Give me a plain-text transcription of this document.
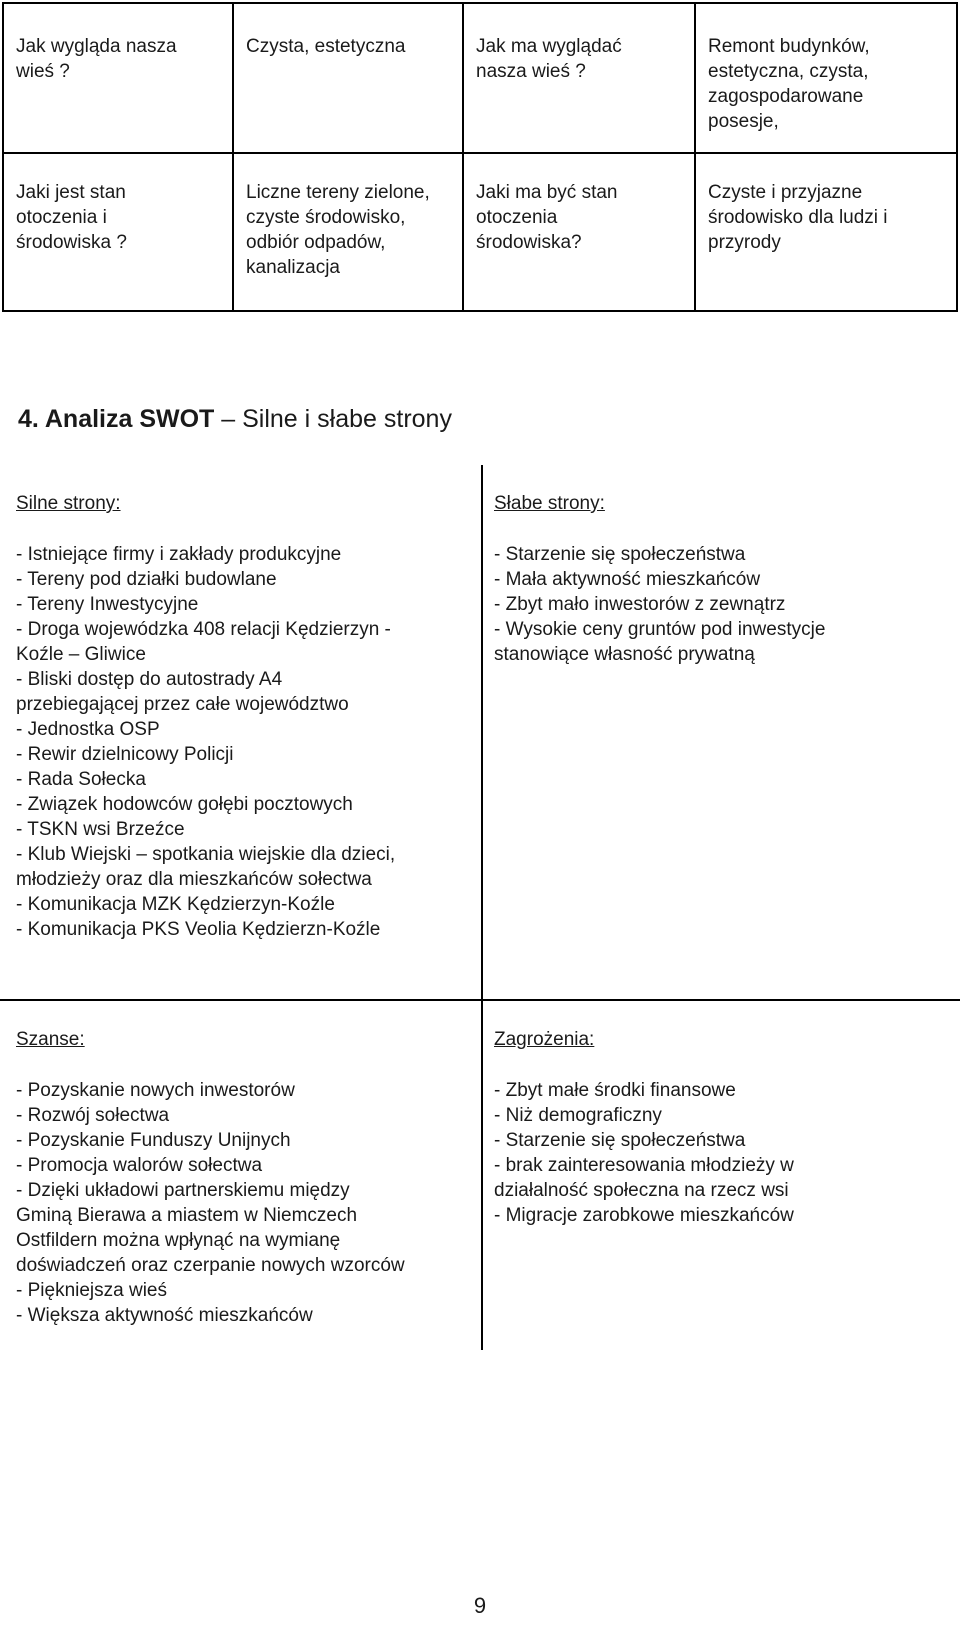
Jak wygląda nasza
wieś ?	Czysta, estetyczna	Jak ma wyglądać
nasza wieś ?	Remont budynków,
estetyczna, czysta,
zagospodarowane
posesje,
Jaki jest stan
otoczenia i
środowiska ?	Liczne tereny zielone,
czyste środowisko,
odbiór odpadów,
kanalizacja	Jaki ma być stan
otoczenia
środowiska?	Czyste i przyjazne
środowisko dla ludzi i
przyrody
4. Analiza SWOT – Silne i słabe strony
Silne strony:
- Istniejące firmy i zakłady produkcyjne
- Tereny pod działki budowlane
- Tereny Inwestycyjne
- Droga wojewódzka 408 relacji Kędzierzyn -
Koźle – Gliwice
- Bliski dostęp do autostrady A4
przebiegającej przez całe województwo
- Jednostka OSP
- Rewir dzielnicowy Policji
- Rada Sołecka
- Związek hodowców gołębi pocztowych
- TSKN wsi Brzeźce
- Klub Wiejski – spotkania wiejskie dla dzieci,
młodzieży oraz dla mieszkańców sołectwa
- Komunikacja MZK Kędzierzyn-Koźle
- Komunikacja PKS Veolia Kędzierzn-Koźle
Słabe strony:
- Starzenie się społeczeństwa
- Mała aktywność mieszkańców
- Zbyt mało inwestorów z zewnątrz
- Wysokie ceny gruntów pod inwestycje
stanowiące własność prywatną
Szanse:
- Pozyskanie nowych inwestorów
- Rozwój sołectwa
- Pozyskanie Funduszy Unijnych
- Promocja walorów sołectwa
- Dzięki układowi partnerskiemu między
Gminą Bierawa a miastem w Niemczech
Ostfildern można wpłynąć na wymianę
doświadczeń oraz czerpanie nowych wzorców
- Piękniejsza wieś
- Większa aktywność mieszkańców
Zagrożenia:
- Zbyt małe środki finansowe
- Niż demograficzny
- Starzenie się społeczeństwa
- brak zainteresowania młodzieży w
działalność społeczna na rzecz wsi
- Migracje zarobkowe mieszkańców
9
